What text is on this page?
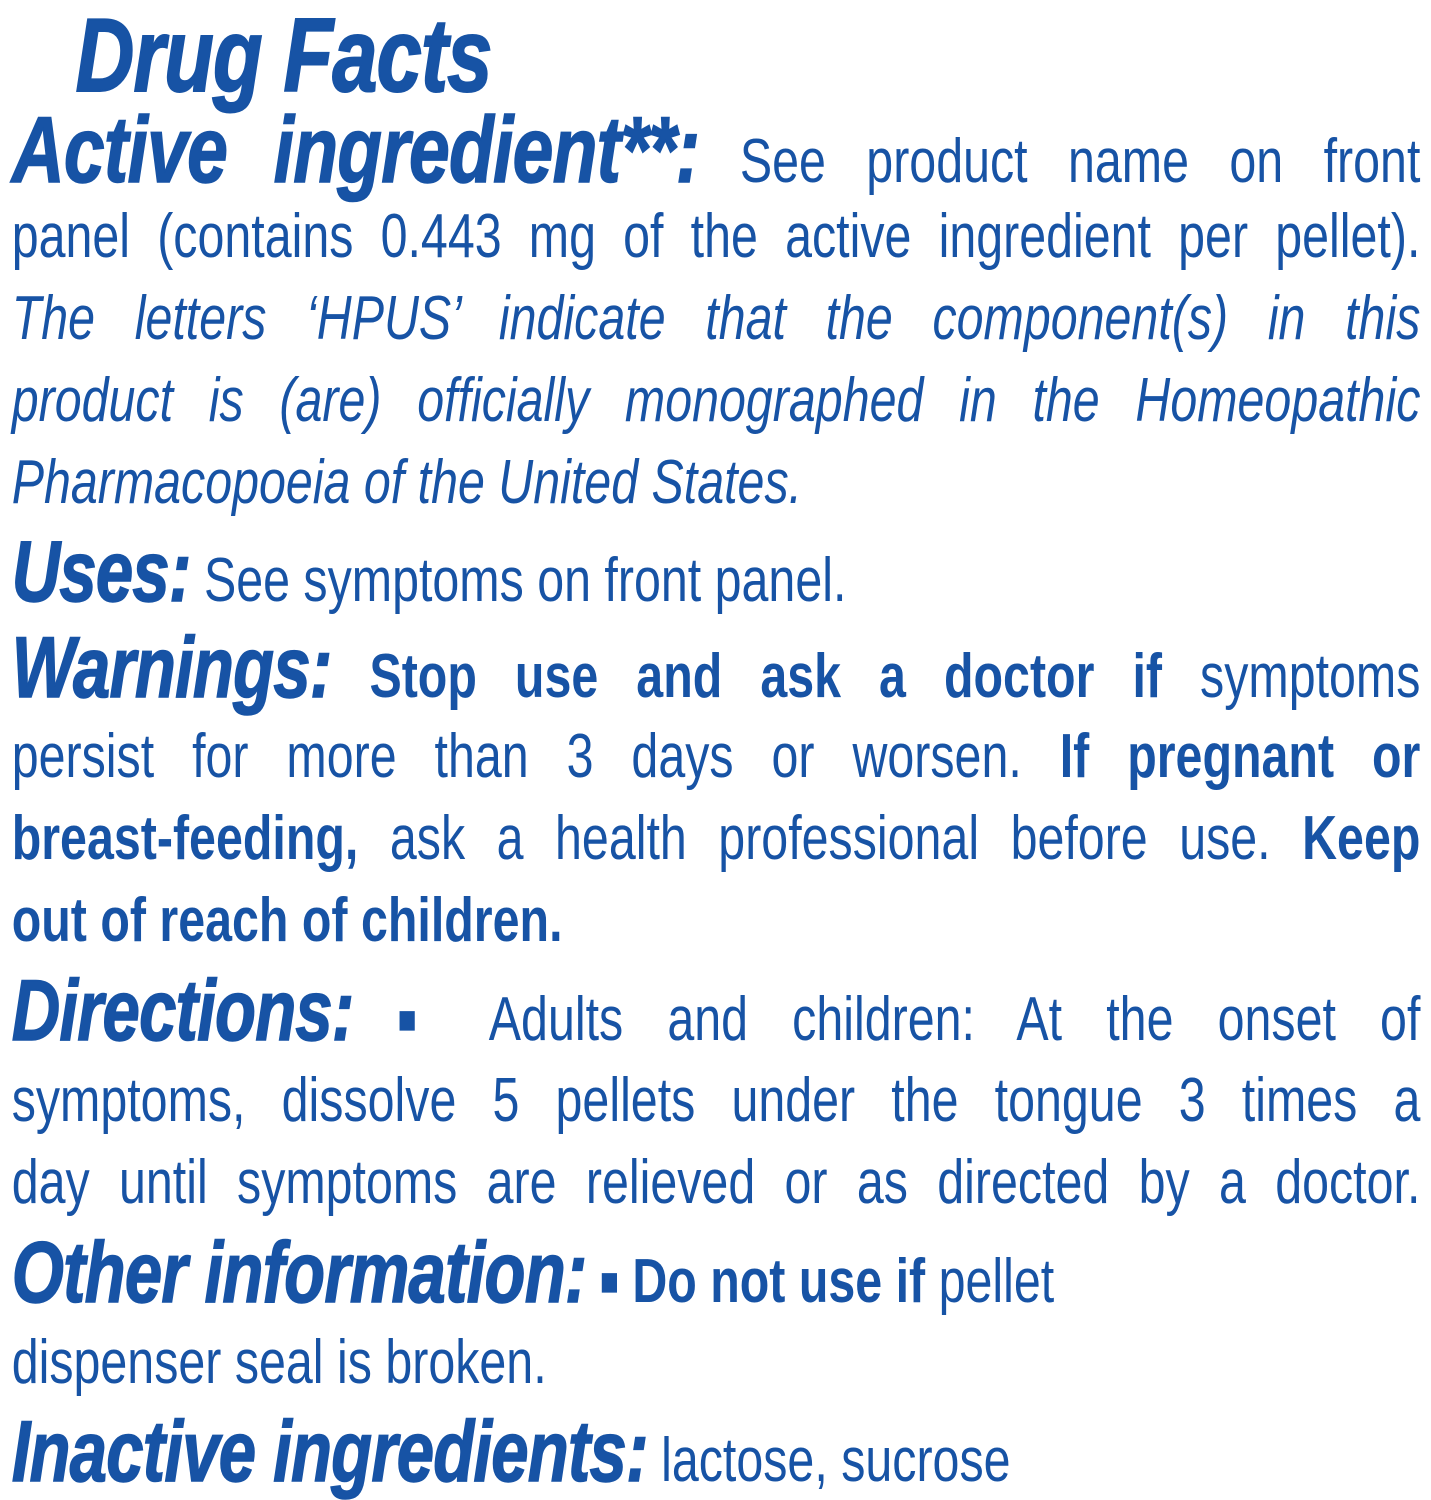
Drug Facts
Active ingredient**: See product name on front
panel (contains 0.443 mg of the active ingredient per pellet).
The letters ‘HPUS’ indicate that the component(s) in this
product is (are) officially monographed in the Homeopathic
Pharmacopoeia of the United States.
Uses: See symptoms on front panel.
Warnings: Stop use and ask a doctor if symptoms
persist for more than 3 days or worsen. If pregnant or
breast-feeding, ask a health professional before use. Keep
out of reach of children.
Directions: ■ Adults and children: At the onset of
symptoms, dissolve 5 pellets under the tongue 3 times a
day until symptoms are relieved or as directed by a doctor.
Other information: ■ Do not use if pellet
dispenser seal is broken.
Inactive ingredients: lactose, sucrose
